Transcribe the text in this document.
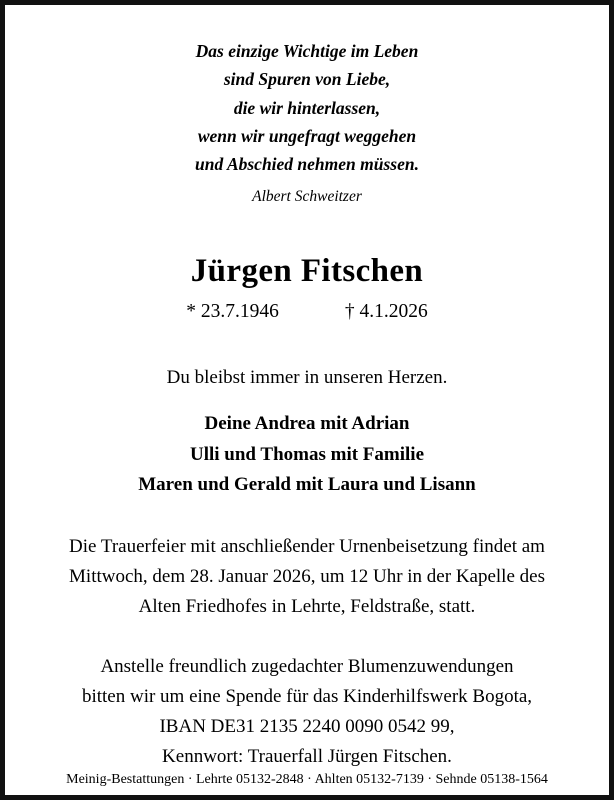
Das einzige Wichtige im Leben
sind Spuren von Liebe,
die wir hinterlassen,
wenn wir ungefragt weggehen
und Abschied nehmen müssen.
Albert Schweitzer
Jürgen Fitschen
* 23.7.1946	† 4.1.2026
Du bleibst immer in unseren Herzen.
Deine Andrea mit Adrian
Ulli und Thomas mit Familie
Maren und Gerald mit Laura und Lisann
Die Trauerfeier mit anschließender Urnenbeisetzung findet am
Mittwoch, dem 28. Januar 2026, um 12 Uhr in der Kapelle des
Alten Friedhofes in Lehrte, Feldstraße, statt.
Anstelle freundlich zugedachter Blumenzuwendungen
bitten wir um eine Spende für das Kinderhilfswerk Bogota,
IBAN DE31 2135 2240 0090 0542 99,
Kennwort: Trauerfall Jürgen Fitschen.
Meinig-Bestattungen · Lehrte 05132-2848 · Ahlten 05132-7139 · Sehnde 05138-1564
